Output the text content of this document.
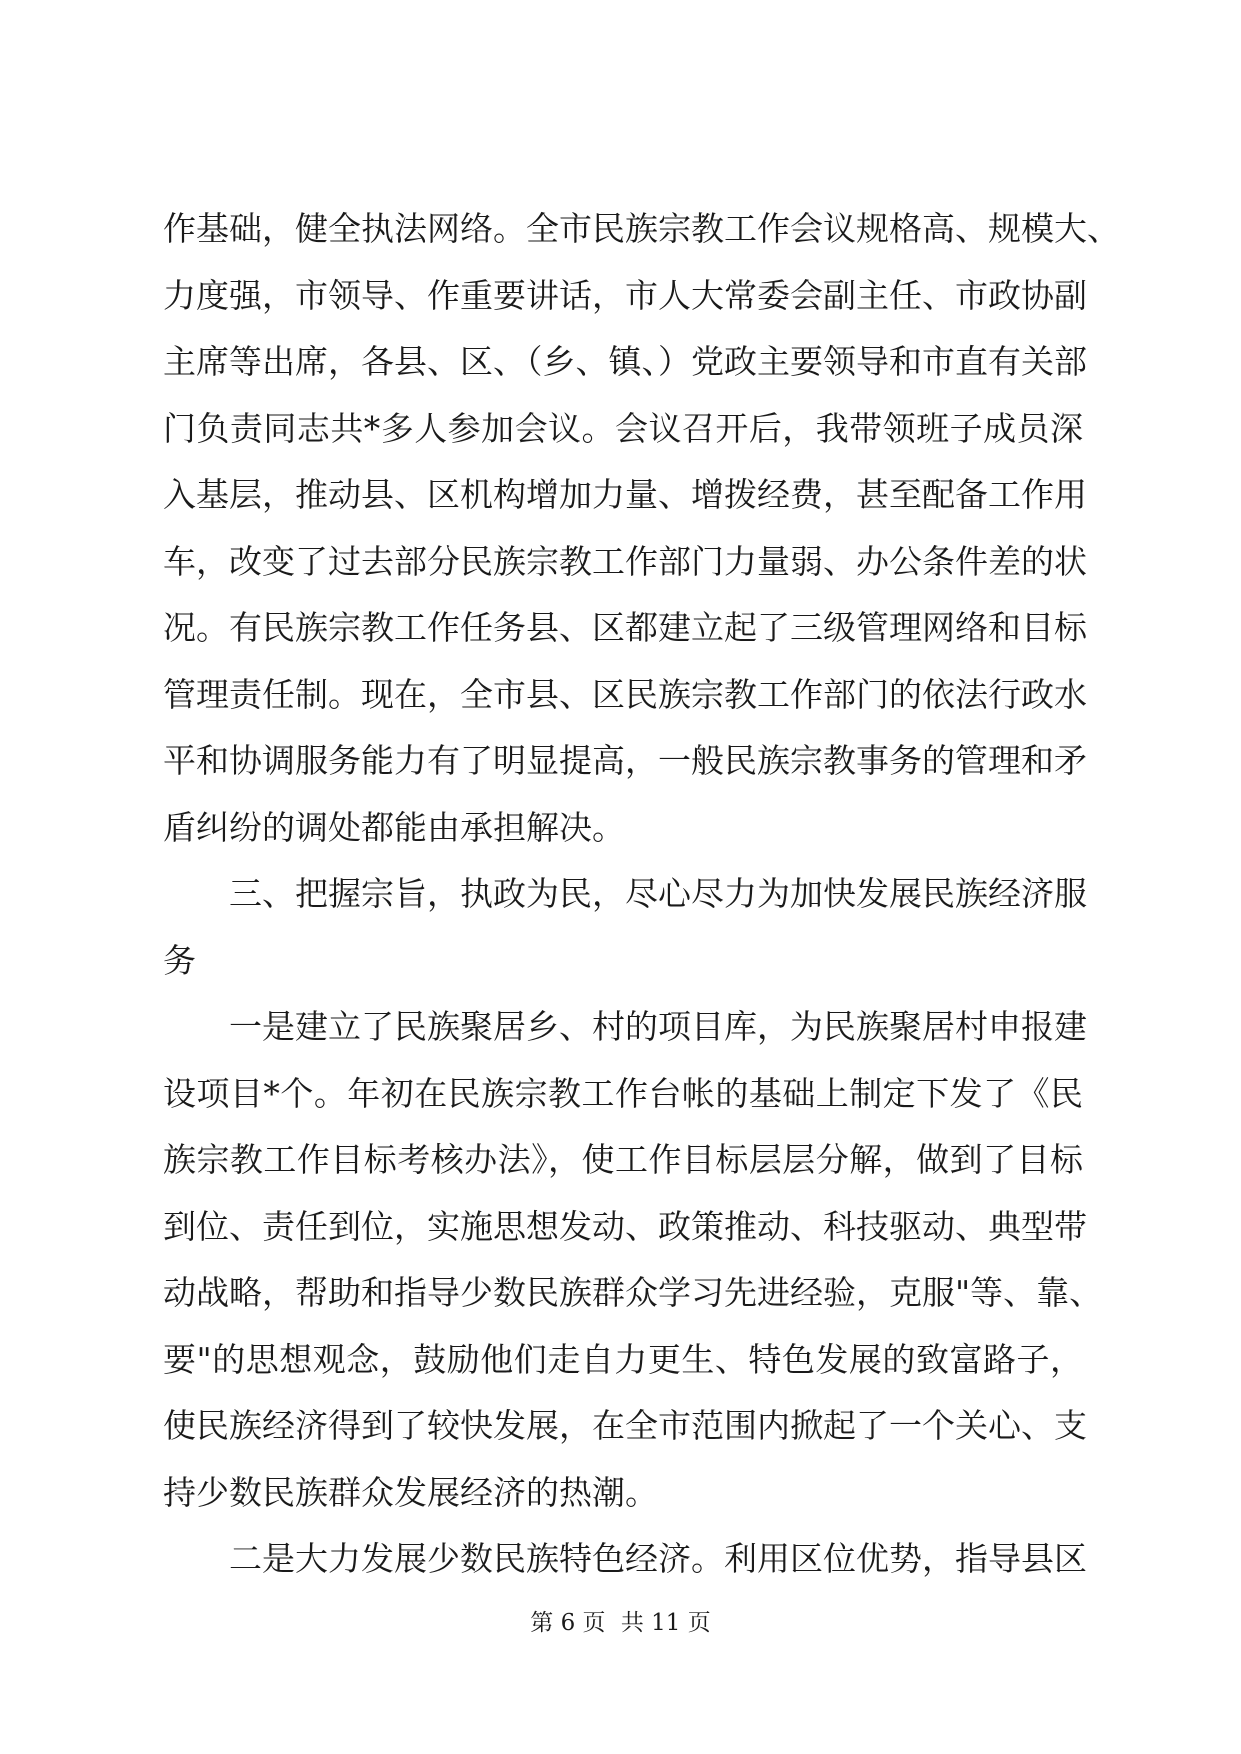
作基础，健全执法网络。全市民族宗教工作会议规格高、规模大、
力度强，市领导、作重要讲话，市人大常委会副主任、市政协副
主席等出席，各县、区、（乡、镇、）党政主要领导和市直有关部
门负责同志共*多人参加会议。会议召开后，我带领班子成员深
入基层，推动县、区机构增加力量、增拨经费，甚至配备工作用
车，改变了过去部分民族宗教工作部门力量弱、办公条件差的状
况。有民族宗教工作任务县、区都建立起了三级管理网络和目标
管理责任制。现在，全市县、区民族宗教工作部门的依法行政水
平和协调服务能力有了明显提高，一般民族宗教事务的管理和矛
盾纠纷的调处都能由承担解决。
三、把握宗旨，执政为民，尽心尽力为加快发展民族经济服
务
一是建立了民族聚居乡、村的项目库，为民族聚居村申报建
设项目*个。年初在民族宗教工作台帐的基础上制定下发了《民
族宗教工作目标考核办法》，使工作目标层层分解，做到了目标
到位、责任到位，实施思想发动、政策推动、科技驱动、典型带
动战略，帮助和指导少数民族群众学习先进经验，克服"等、靠、
要"的思想观念，鼓励他们走自力更生、特色发展的致富路子，
使民族经济得到了较快发展，在全市范围内掀起了一个关心、支
持少数民族群众发展经济的热潮。
二是大力发展少数民族特色经济。利用区位优势，指导县区
第 6 页 共 11 页
